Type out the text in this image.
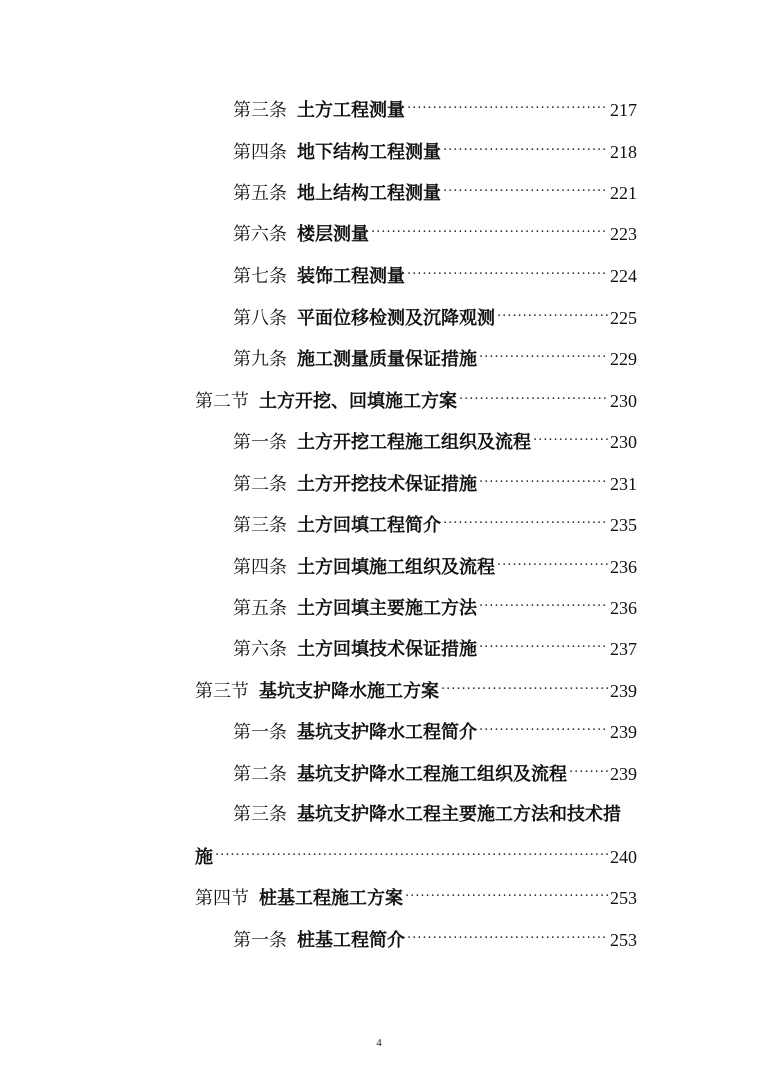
第三条 土方工程测量 .....	217
第四条 地下结构工程测量 .....	218
第五条 地上结构工程测量 .....	221
第六条 楼层测量 .....	223
第七条 装饰工程测量 .....	224
第八条 平面位移检测及沉降观测 .....	225
第九条 施工测量质量保证措施 .....	229
第二节 土方开挖、回填施工方案 .....	230
第一条 土方开挖工程施工组织及流程 .....	230
第二条 土方开挖技术保证措施 .....	231
第三条 土方回填工程简介 .....	235
第四条 土方回填施工组织及流程 .....	236
第五条 土方回填主要施工方法 .....	236
第六条 土方回填技术保证措施 .....	237
第三节 基坑支护降水施工方案 .....	239
第一条 基坑支护降水工程简介 .....	239
第二条 基坑支护降水工程施工组织及流程 ..... 239
第三条 基坑支护降水工程主要施工方法和技术措
施 .....	240
第四节 桩基工程施工方案 .....	253
第一条 桩基工程简介 .....	253
4
